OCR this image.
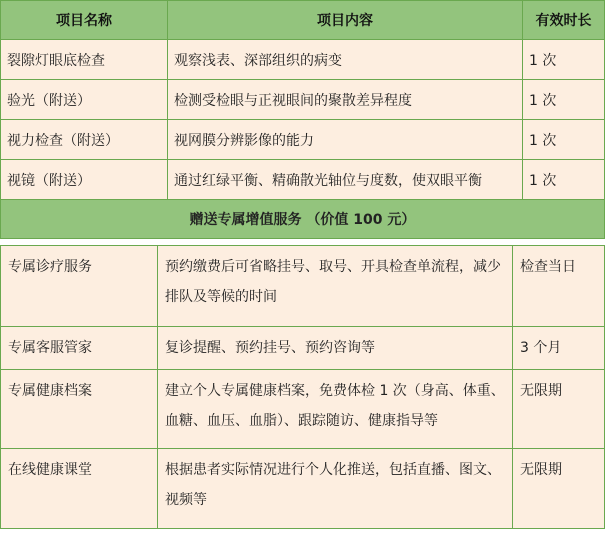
项目名称	项目内容	有效时长
裂隙灯眼底检查	观察浅表、深部组织的病变	1 次
验光（附送）	检测受检眼与正视眼间的聚散差异程度	1 次
视力检查（附送）	视网膜分辨影像的能力	1 次
视镜（附送）	通过红绿平衡、精确散光轴位与度数，使双眼平衡	1 次
赠送专属增值服务 （价值 100 元）		
专属诊疗服务	预约缴费后可省略挂号、取号、开具检查单流程，减少排队及等候的时间	检查当日
专属客服管家	复诊提醒、预约挂号、预约咨询等	3 个月
专属健康档案	建立个人专属健康档案，免费体检 1 次（身高、体重、血糖、血压、血脂）、跟踪随访、健康指导等	无限期
在线健康课堂	根据患者实际情况进行个人化推送，包括直播、图文、视频等	无限期
